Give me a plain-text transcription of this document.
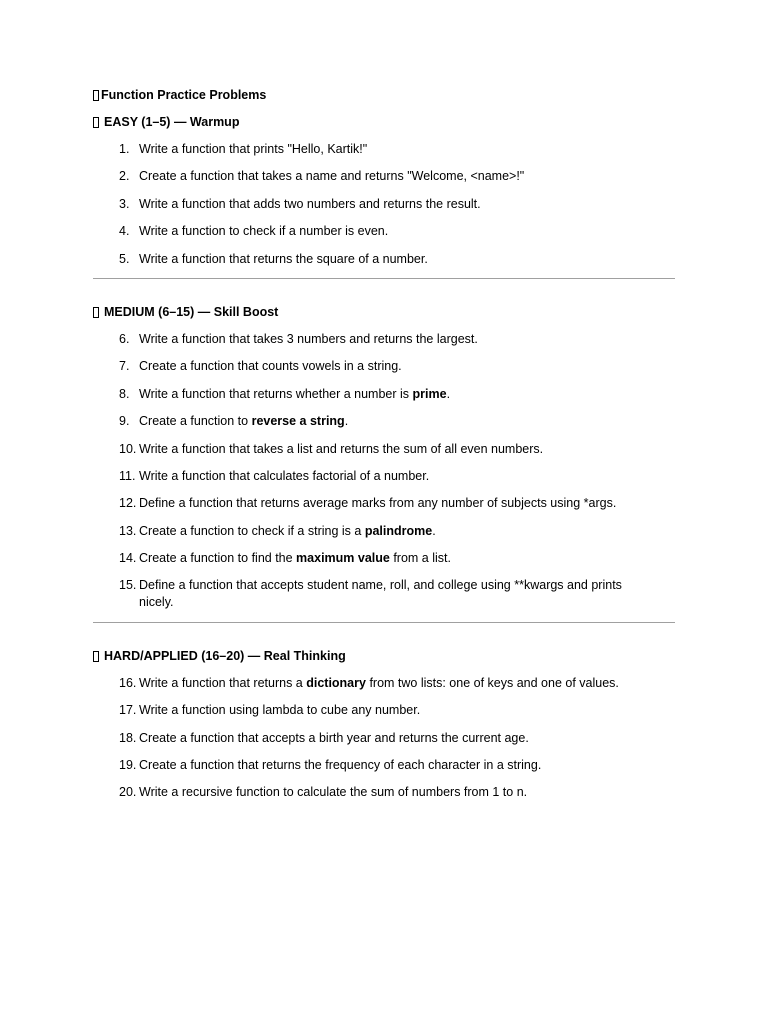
Function Practice Problems
EASY (1–5) — Warmup
1. Write a function that prints "Hello, Kartik!"
2. Create a function that takes a name and returns "Welcome, <name>!"
3. Write a function that adds two numbers and returns the result.
4. Write a function to check if a number is even.
5. Write a function that returns the square of a number.
MEDIUM (6–15) — Skill Boost
6. Write a function that takes 3 numbers and returns the largest.
7. Create a function that counts vowels in a string.
8. Write a function that returns whether a number is prime.
9. Create a function to reverse a string.
10. Write a function that takes a list and returns the sum of all even numbers.
11. Write a function that calculates factorial of a number.
12. Define a function that returns average marks from any number of subjects using *args.
13. Create a function to check if a string is a palindrome.
14. Create a function to find the maximum value from a list.
15. Define a function that accepts student name, roll, and college using **kwargs and prints nicely.
HARD/APPLIED (16–20) — Real Thinking
16. Write a function that returns a dictionary from two lists: one of keys and one of values.
17. Write a function using lambda to cube any number.
18. Create a function that accepts a birth year and returns the current age.
19. Create a function that returns the frequency of each character in a string.
20. Write a recursive function to calculate the sum of numbers from 1 to n.
